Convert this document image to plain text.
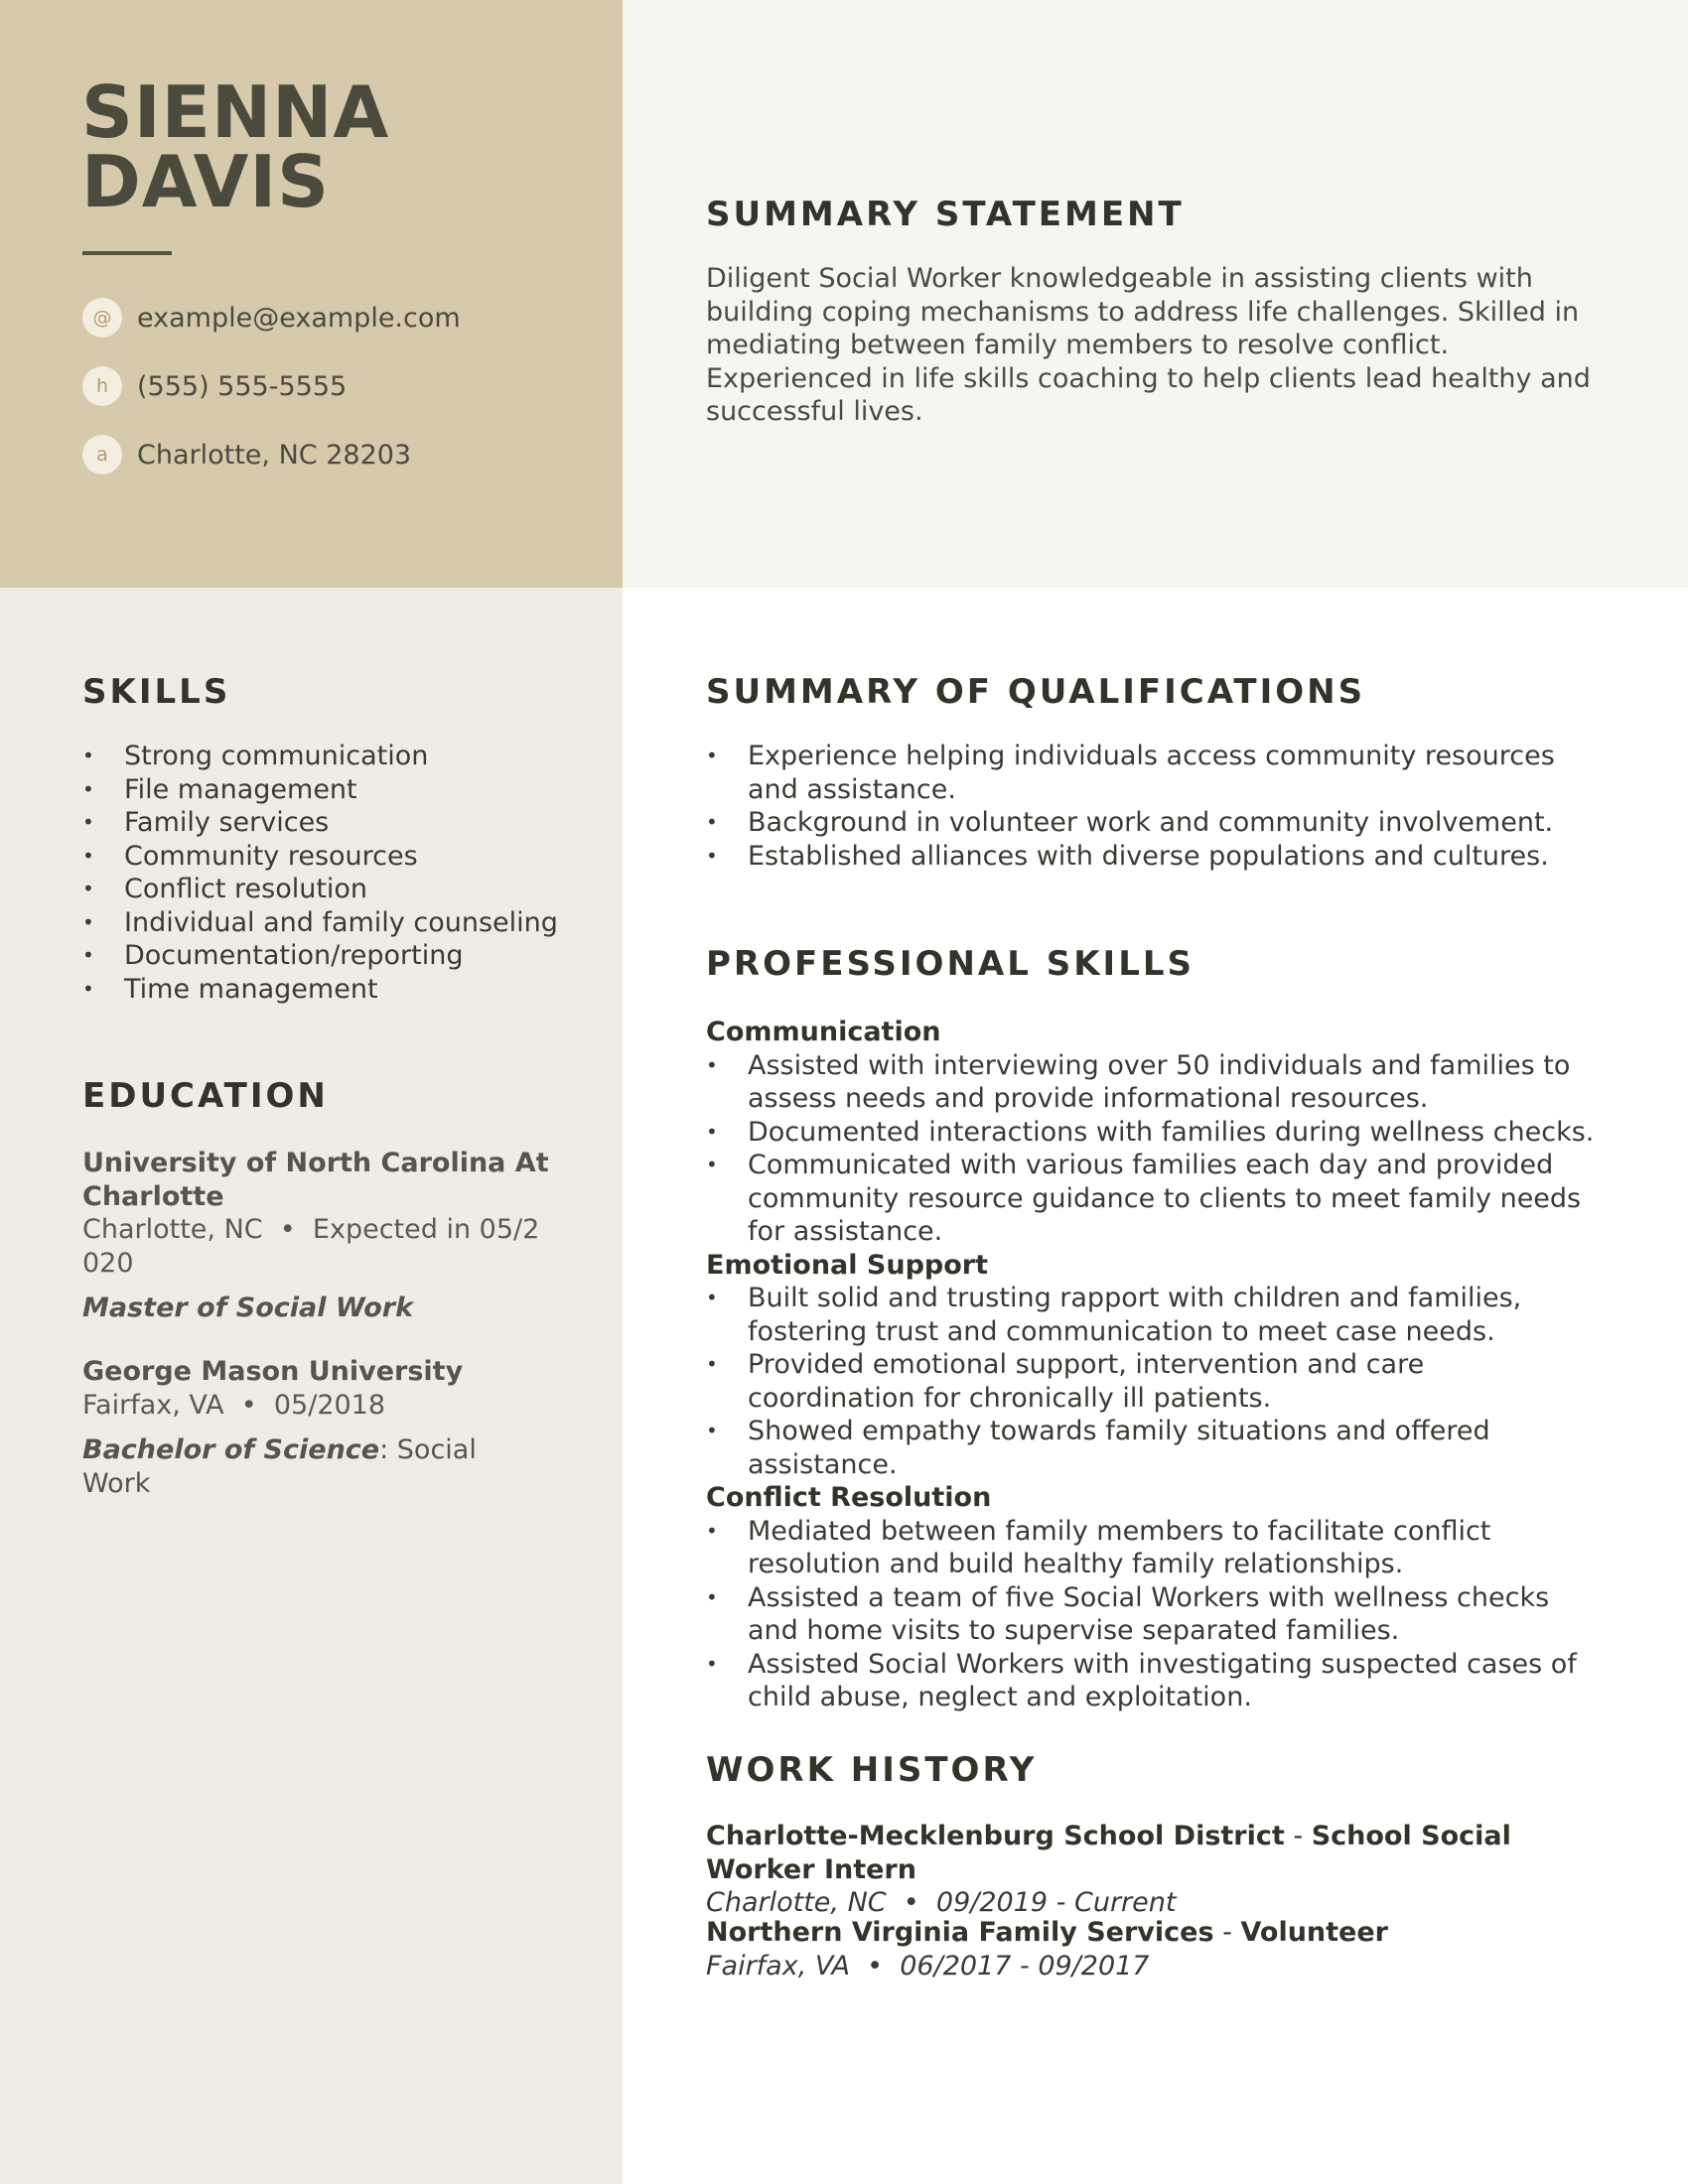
SIENNA
DAVIS
@ example@example.com
h	(555) 555-5555
a	Charlotte, NC 28203
SUMMARY STATEMENT

Diligent Social Worker knowledgeable in assisting clients with building coping mechanisms to address life challenges. Skilled in mediating between family members to resolve conflict. Experienced in life skills coaching to help clients lead healthy and successful lives.

SKILLS
• Strong communication
• File management
• Family services
• Community resources
• Conflict resolution
• Individual and family counseling
• Documentation/reporting
• Time management
EDUCATION
University of North Carolina At Charlotte
Charlotte, NC  •  Expected in 05/2020
Master of Social Work
George Mason University
Fairfax, VA  •  05/2018
Bachelor of Science: Social Work
SUMMARY OF QUALIFICATIONS
• Experience helping individuals access community resources and assistance.
• Background in volunteer work and community involvement.
• Established alliances with diverse populations and cultures.
PROFESSIONAL SKILLS
Communication
• Assisted with interviewing over 50 individuals and families to assess needs and provide informational resources.
• Documented interactions with families during wellness checks.
• Communicated with various families each day and provided community resource guidance to clients to meet family needs for assistance.
Emotional Support
• Built solid and trusting rapport with children and families, fostering trust and communication to meet case needs.
• Provided emotional support, intervention and care coordination for chronically ill patients.
• Showed empathy towards family situations and offered assistance.
Conflict Resolution
• Mediated between family members to facilitate conflict resolution and build healthy family relationships.
• Assisted a team of five Social Workers with wellness checks and home visits to supervise separated families.
• Assisted Social Workers with investigating suspected cases of child abuse, neglect and exploitation.
WORK HISTORY
Charlotte-Mecklenburg School District - School Social Worker Intern
Charlotte, NC  •  09/2019 - Current
Northern Virginia Family Services - Volunteer
Fairfax, VA  •  06/2017 - 09/2017
